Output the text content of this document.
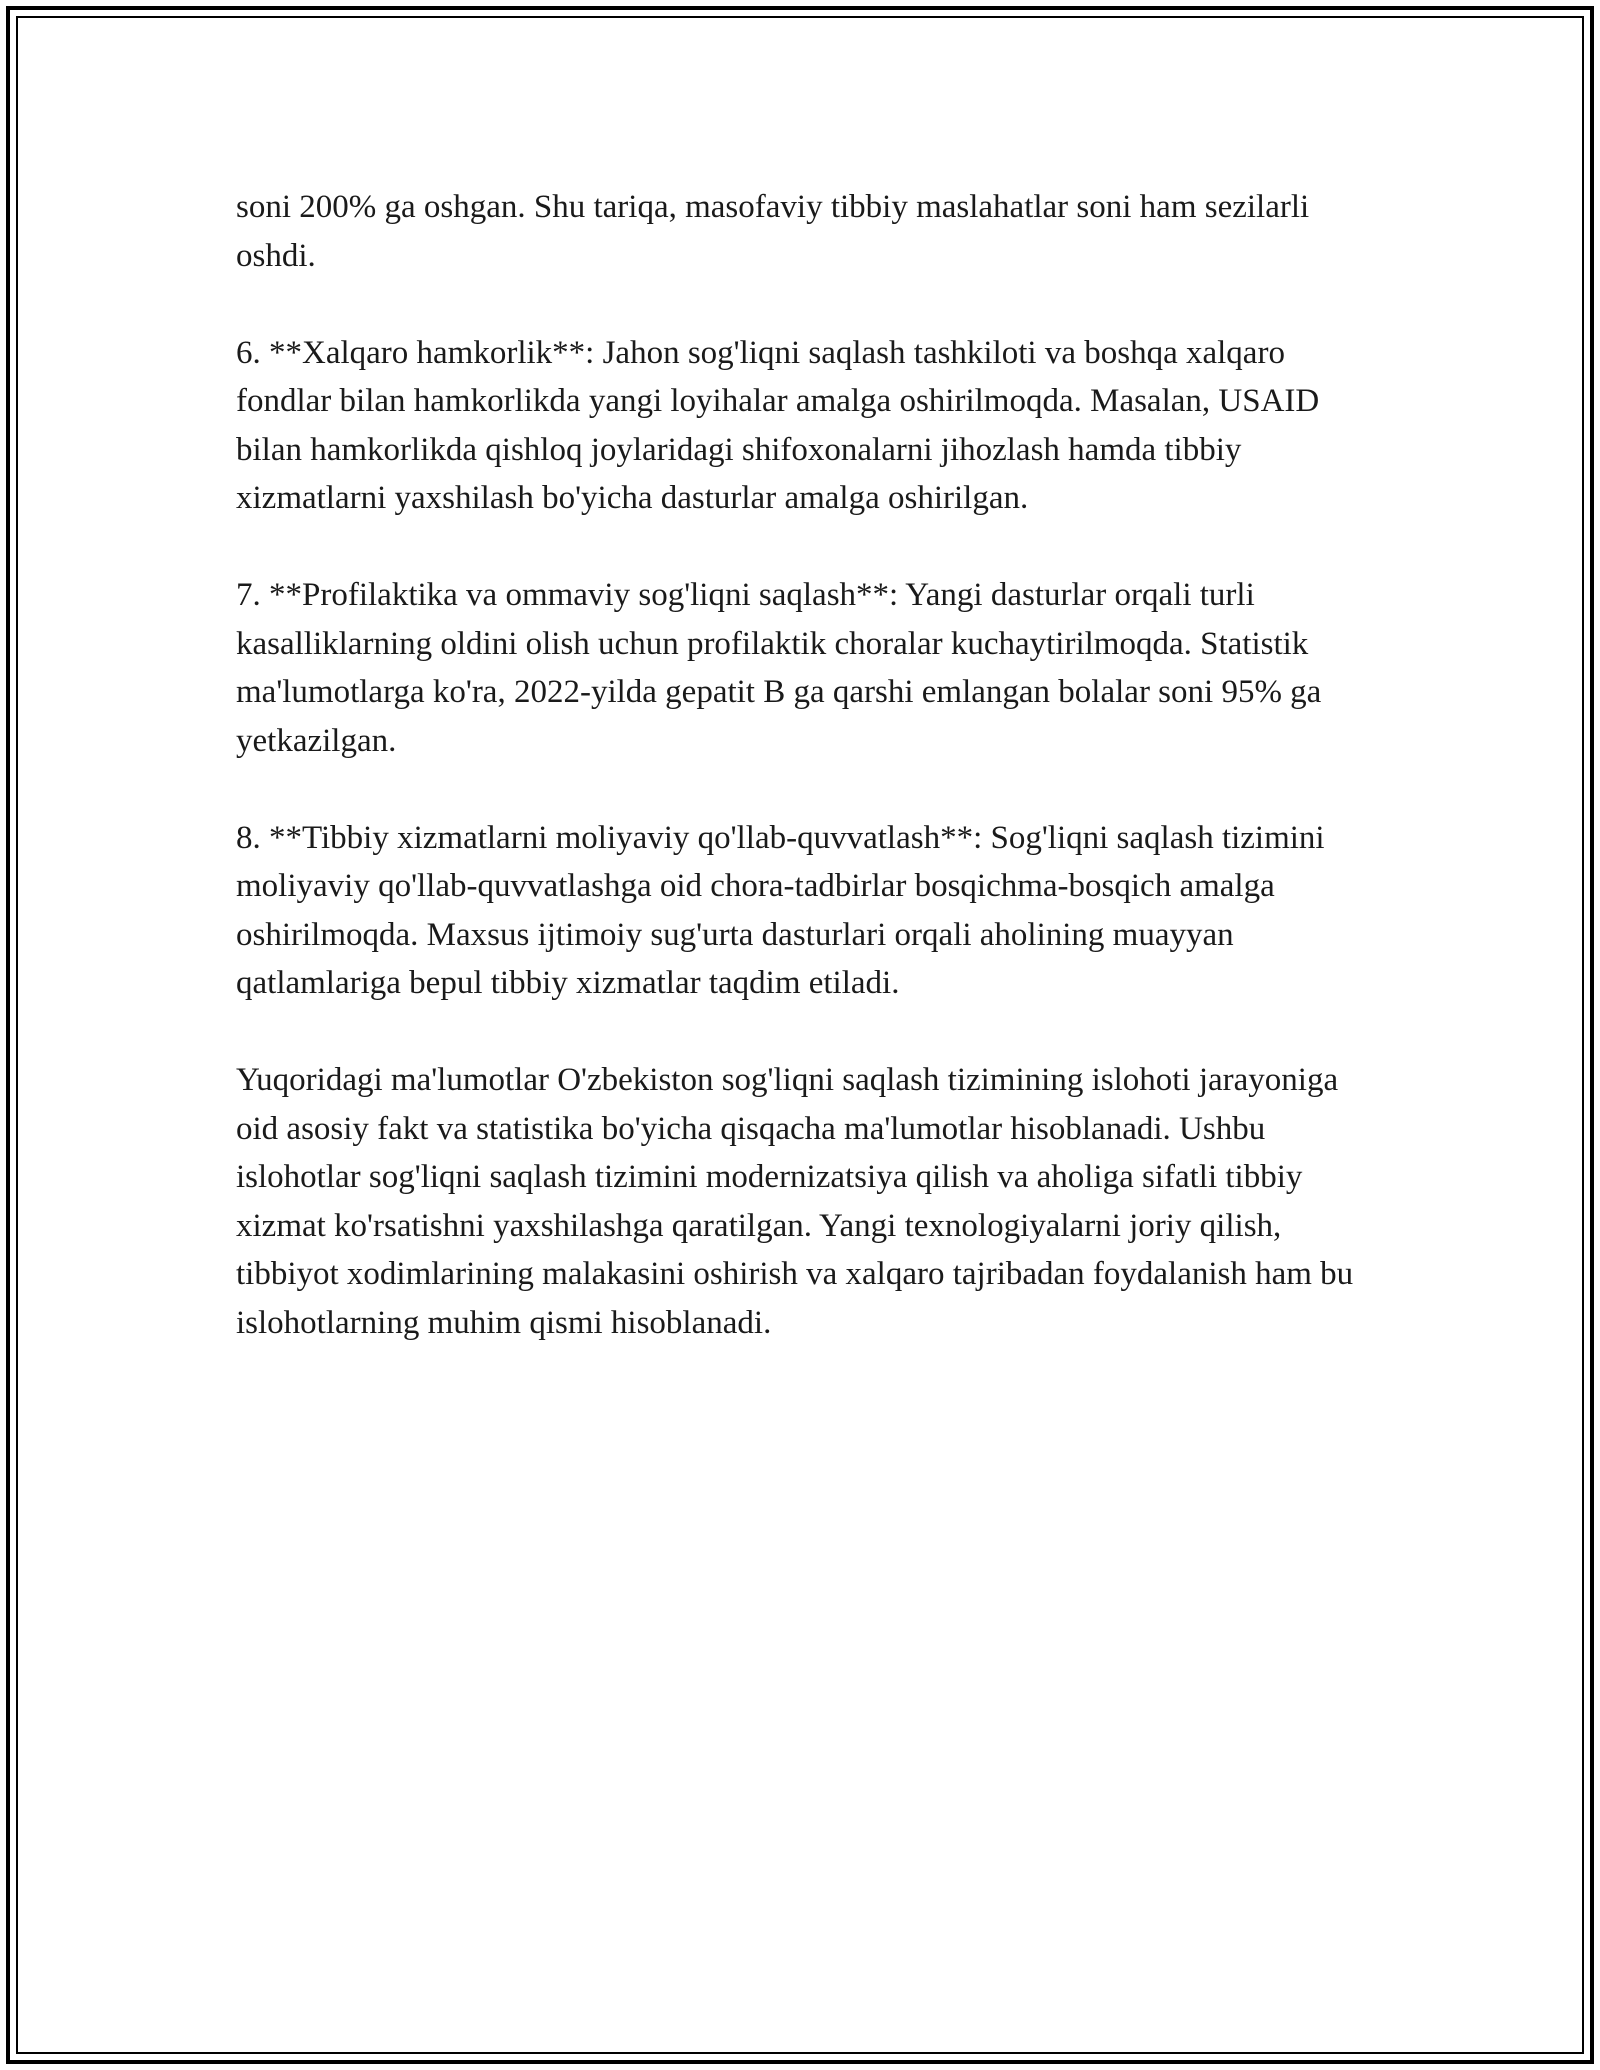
soni 200% ga oshgan. Shu tariqa, masofaviy tibbiy maslahatlar soni ham sezilarli oshdi.

6. **Xalqaro hamkorlik**: Jahon sog'liqni saqlash tashkiloti va boshqa xalqaro fondlar bilan hamkorlikda yangi loyihalar amalga oshirilmoqda. Masalan, USAID bilan hamkorlikda qishloq joylaridagi shifoxonalarni jihozlash hamda tibbiy xizmatlarni yaxshilash bo'yicha dasturlar amalga oshirilgan.

7. **Profilaktika va ommaviy sog'liqni saqlash**: Yangi dasturlar orqali turli kasalliklarning oldini olish uchun profilaktik choralar kuchaytirilmoqda. Statistik ma'lumotlarga ko'ra, 2022-yilda gepatit B ga qarshi emlangan bolalar soni 95% ga yetkazilgan.

8. **Tibbiy xizmatlarni moliyaviy qo'llab-quvvatlash**: Sog'liqni saqlash tizimini moliyaviy qo'llab-quvvatlashga oid chora-tadbirlar bosqichma-bosqich amalga oshirilmoqda. Maxsus ijtimoiy sug'urta dasturlari orqali aholining muayyan qatlamlariga bepul tibbiy xizmatlar taqdim etiladi.

Yuqoridagi ma'lumotlar O'zbekiston sog'liqni saqlash tizimining islohoti jarayoniga oid asosiy fakt va statistika bo'yicha qisqacha ma'lumotlar hisoblanadi. Ushbu islohotlar sog'liqni saqlash tizimini modernizatsiya qilish va aholiga sifatli tibbiy xizmat ko'rsatishni yaxshilashga qaratilgan. Yangi texnologiyalarni joriy qilish, tibbiyot xodimlarining malakasini oshirish va xalqaro tajribadan foydalanish ham bu islohotlarning muhim qismi hisoblanadi.
